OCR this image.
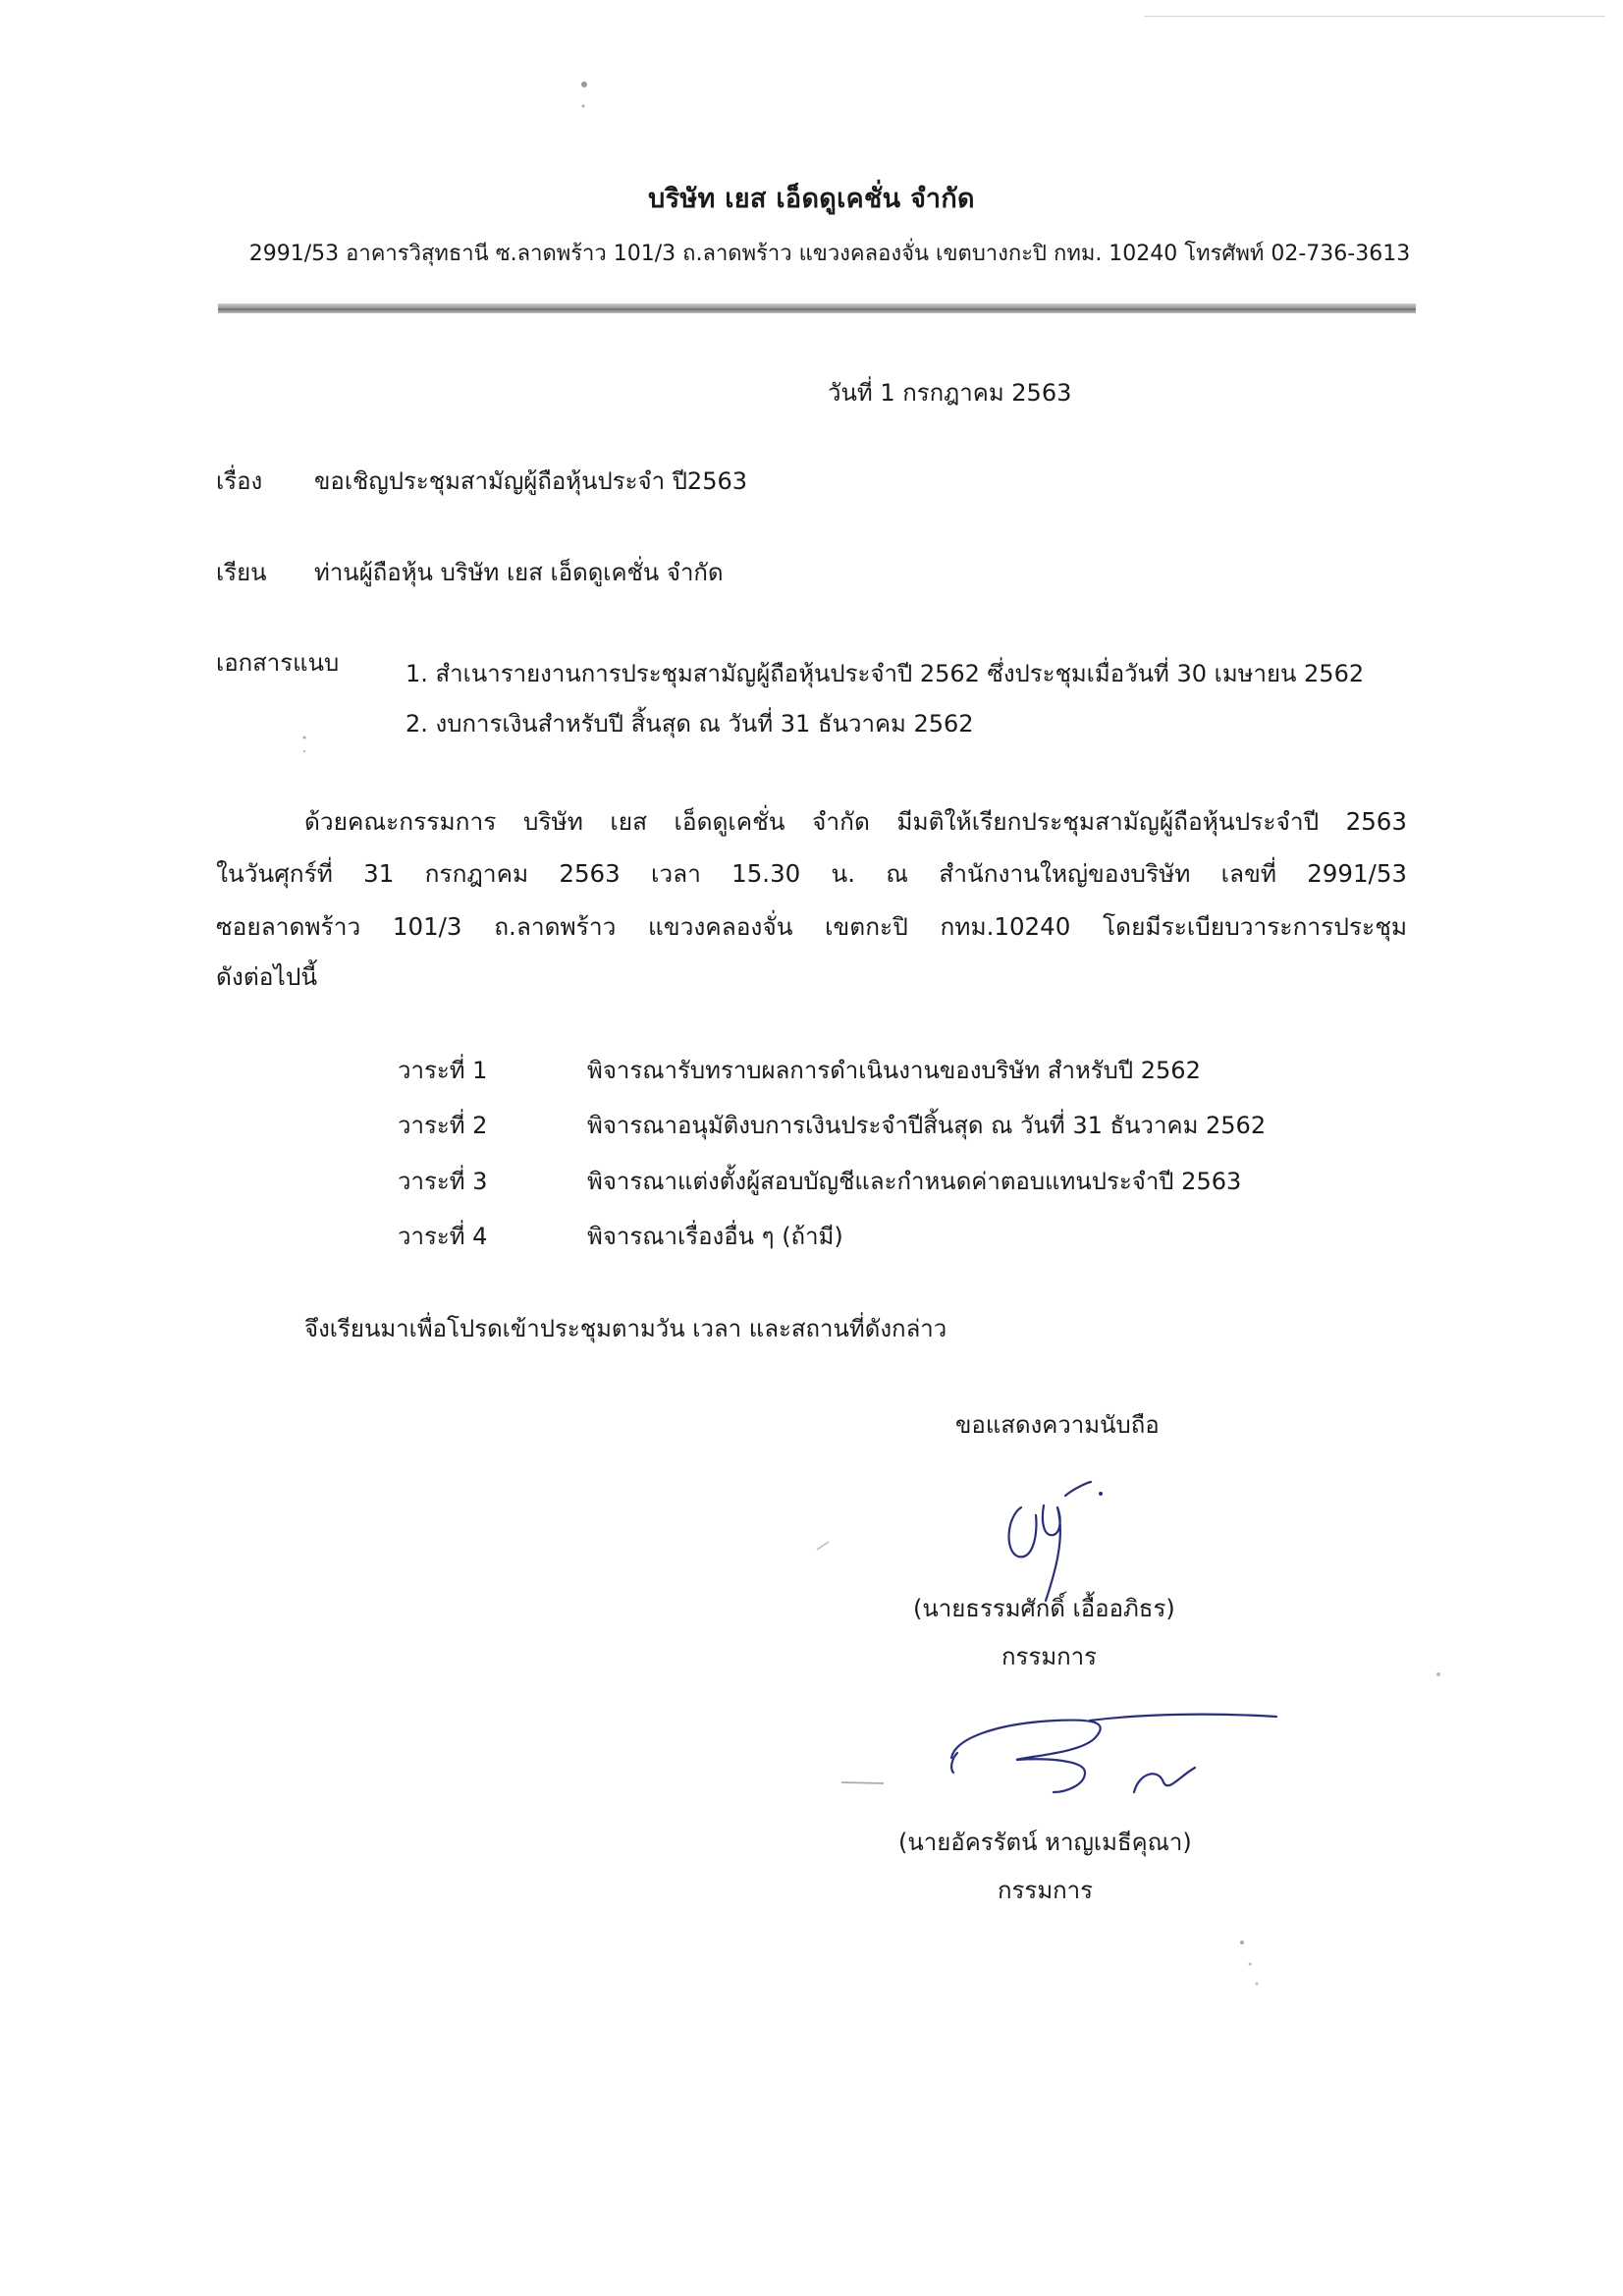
บริษัท เยส เอ็ดดูเคชั่น จำกัด
2991/53 อาคารวิสุทธานี ซ.ลาดพร้าว 101/3 ถ.ลาดพร้าว แขวงคลองจั่น เขตบางกะปิ กทม. 10240 โทรศัพท์ 02-736-3613
วันที่ 1 กรกฎาคม 2563
เรื่อง ขอเชิญประชุมสามัญผู้ถือหุ้นประจำ ปี2563
เรียน ท่านผู้ถือหุ้น บริษัท เยส เอ็ดดูเคชั่น จำกัด
เอกสารแนบ	1. สำเนารายงานการประชุมสามัญผู้ถือหุ้นประจำปี 2562 ซึ่งประชุมเมื่อวันที่ 30 เมษายน 2562
2. งบการเงินสำหรับปี สิ้นสุด ณ วันที่ 31 ธันวาคม 2562
ด้วยคณะกรรมการ บริษัท เยส เอ็ดดูเคชั่น จำกัด มีมติให้เรียกประชุมสามัญผู้ถือหุ้นประจำปี 2563
ในวันศุกร์ที่ 31 กรกฎาคม 2563 เวลา 15.30 น. ณ สำนักงานใหญ่ของบริษัท เลขที่ 2991/53
ซอยลาดพร้าว 101/3 ถ.ลาดพร้าว แขวงคลองจั่น เขตกะปิ กทม.10240 โดยมีระเบียบวาระการประชุม
ดังต่อไปนี้
วาระที่ 1	พิจารณารับทราบผลการดำเนินงานของบริษัท สำหรับปี 2562
วาระที่ 2	พิจารณาอนุมัติงบการเงินประจำปีสิ้นสุด ณ วันที่ 31 ธันวาคม 2562
วาระที่ 3	พิจารณาแต่งตั้งผู้สอบบัญชีและกำหนดค่าตอบแทนประจำปี 2563
วาระที่ 4	พิจารณาเรื่องอื่น ๆ (ถ้ามี)
จึงเรียนมาเพื่อโปรดเข้าประชุมตามวัน เวลา และสถานที่ดังกล่าว
ขอแสดงความนับถือ
(นายธรรมศักดิ์ เอื้ออภิธร)
กรรมการ
(นายอัครรัตน์ หาญเมธีคุณา)
กรรมการ
